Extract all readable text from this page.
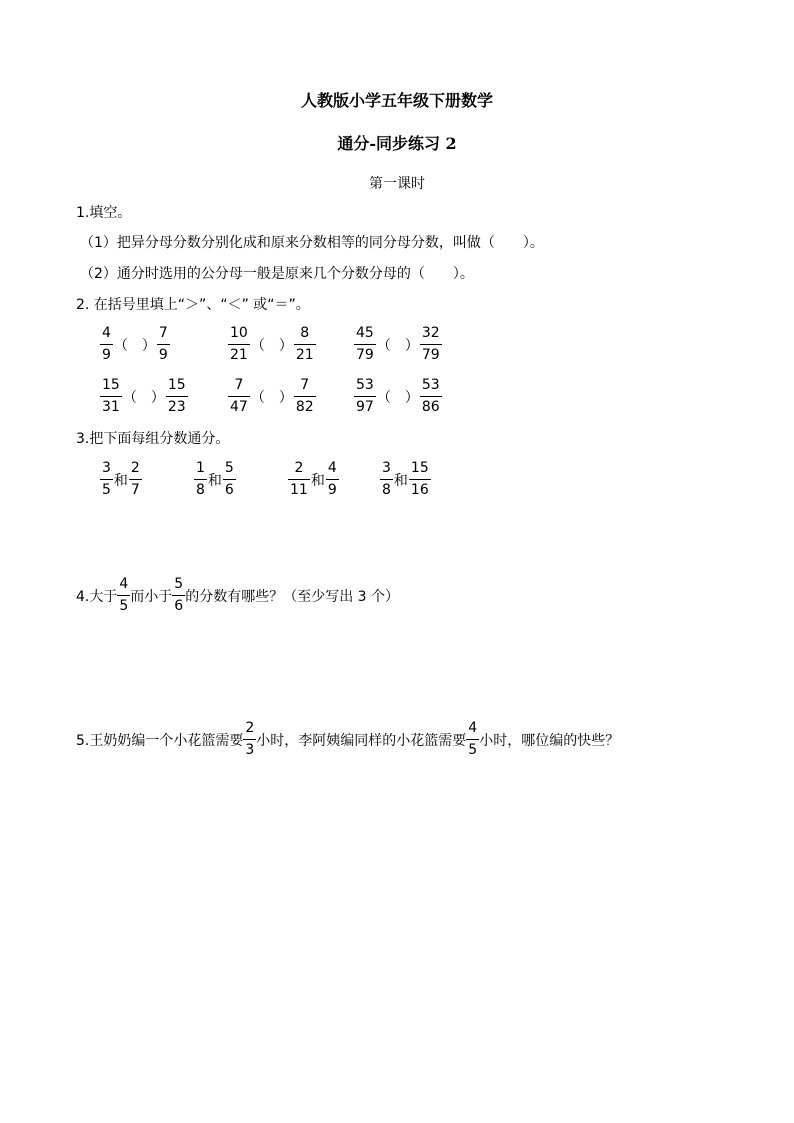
人教版小学五年级下册数学
通分-同步练习 2
第一课时
1.填空。
（1）把异分母分数分别化成和原来分数相等的同分母分数，叫做（　　）。
（2）通分时选用的公分母一般是原来几个分数分母的（　　）。
2. 在括号里填上“＞”、“＜” 或“＝”。
$\frac{4}{9}$ （　） $\frac{7}{9}$	$\frac{10}{21}$ （　） $\frac{8}{21}$	$\frac{45}{79}$ （　） $\frac{32}{79}$
$\frac{15}{31}$ （　） $\frac{15}{23}$	$\frac{7}{47}$ （　） $\frac{7}{82}$	$\frac{53}{97}$ （　） $\frac{53}{86}$
3.把下面每组分数通分。
$\frac{3}{5}$ 和 $\frac{2}{7}$	$\frac{1}{8}$ 和 $\frac{5}{6}$	$\frac{2}{11}$ 和 $\frac{4}{9}$	$\frac{3}{8}$ 和 $\frac{15}{16}$
4.大于 $\frac{4}{5}$ 而小于 $\frac{5}{6}$ 的分数有哪些？（至少写出 3 个）
5.王奶奶编一个小花篮需要 $\frac{2}{3}$ 小时，李阿姨编同样的小花篮需要 $\frac{4}{5}$ 小时，哪位编的快些？
